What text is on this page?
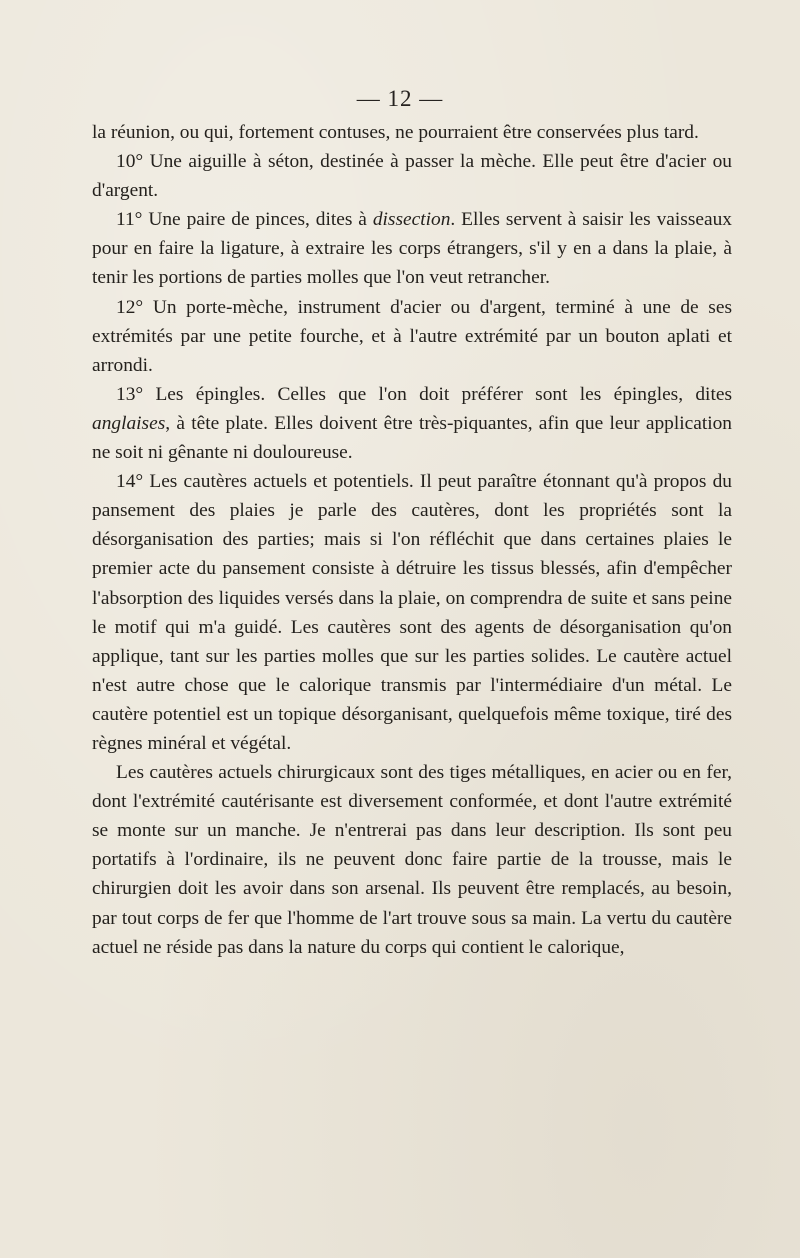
— 12 —

la réunion, ou qui, fortement contuses, ne pourraient être conservées plus tard.

10° Une aiguille à séton, destinée à passer la mèche. Elle peut être d'acier ou d'argent.

11° Une paire de pinces, dites à dissection. Elles servent à saisir les vaisseaux pour en faire la ligature, à extraire les corps étrangers, s'il y en a dans la plaie, à tenir les portions de parties molles que l'on veut retrancher.

12° Un porte-mèche, instrument d'acier ou d'argent, terminé à une de ses extrémités par une petite fourche, et à l'autre extrémité par un bouton aplati et arrondi.

13° Les épingles. Celles que l'on doit préférer sont les épingles, dites anglaises, à tête plate. Elles doivent être très-piquantes, afin que leur application ne soit ni gênante ni douloureuse.

14° Les cautères actuels et potentiels. Il peut paraître étonnant qu'à propos du pansement des plaies je parle des cautères, dont les propriétés sont la désorganisation des parties; mais si l'on réfléchit que dans certaines plaies le premier acte du pansement consiste à détruire les tissus blessés, afin d'empêcher l'absorption des liquides versés dans la plaie, on comprendra de suite et sans peine le motif qui m'a guidé. Les cautères sont des agents de désorganisation qu'on applique, tant sur les parties molles que sur les parties solides. Le cautère actuel n'est autre chose que le calorique transmis par l'intermédiaire d'un métal. Le cautère potentiel est un topique désorganisant, quelquefois même toxique, tiré des règnes minéral et végétal.

Les cautères actuels chirurgicaux sont des tiges métalliques, en acier ou en fer, dont l'extrémité cautérisante est diversement conformée, et dont l'autre extrémité se monte sur un manche. Je n'entrerai pas dans leur description. Ils sont peu portatifs à l'ordinaire, ils ne peuvent donc faire partie de la trousse, mais le chirurgien doit les avoir dans son arsenal. Ils peuvent être remplacés, au besoin, par tout corps de fer que l'homme de l'art trouve sous sa main. La vertu du cautère actuel ne réside pas dans la nature du corps qui contient le calorique,
